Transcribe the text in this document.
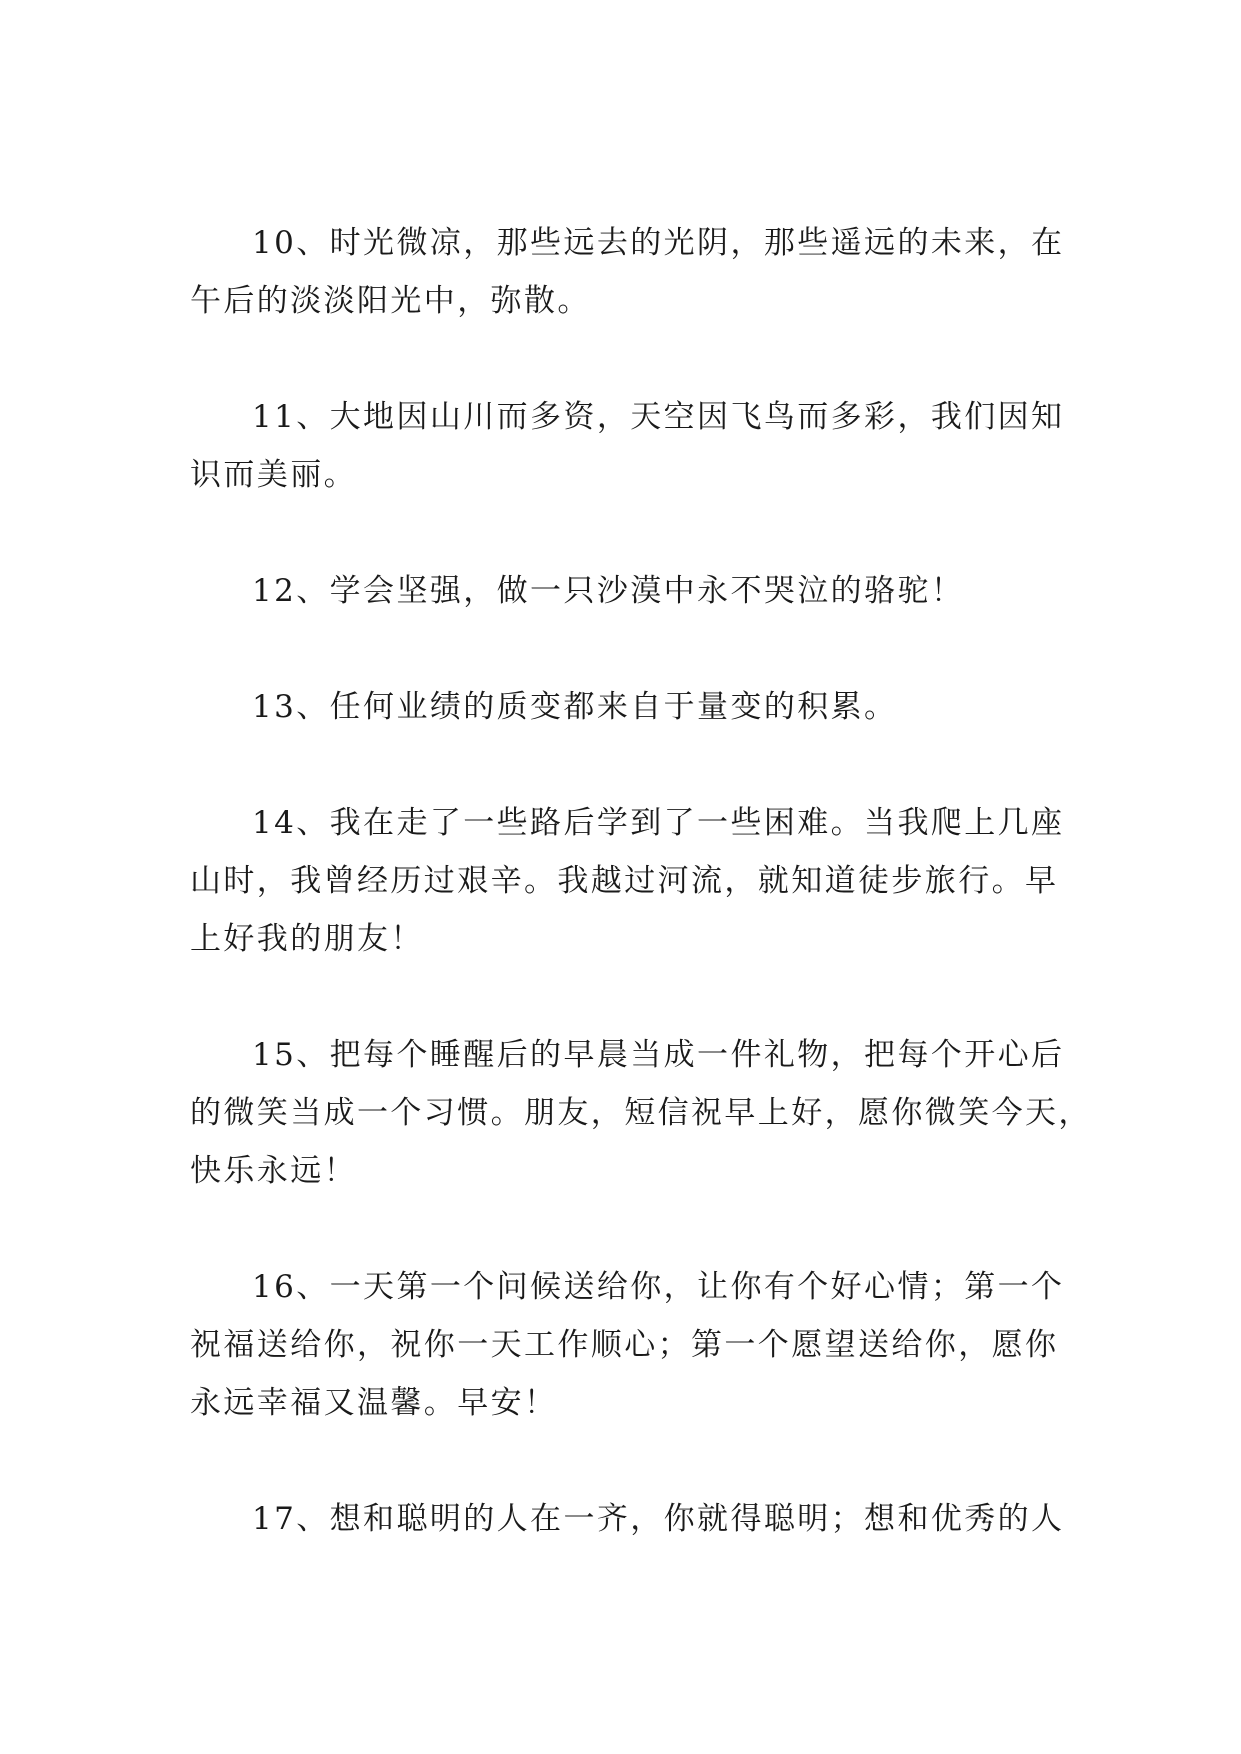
10、时光微凉，那些远去的光阴，那些遥远的未来，在
午后的淡淡阳光中，弥散。
11、大地因山川而多资，天空因飞鸟而多彩，我们因知
识而美丽。
12、学会坚强，做一只沙漠中永不哭泣的骆驼！
13、任何业绩的质变都来自于量变的积累。
14、我在走了一些路后学到了一些困难。当我爬上几座
山时，我曾经历过艰辛。我越过河流，就知道徒步旅行。早
上好我的朋友！
15、把每个睡醒后的早晨当成一件礼物，把每个开心后
的微笑当成一个习惯。朋友，短信祝早上好，愿你微笑今天，
快乐永远！
16、一天第一个问候送给你，让你有个好心情；第一个
祝福送给你，祝你一天工作顺心；第一个愿望送给你，愿你
永远幸福又温馨。早安！
17、想和聪明的人在一齐，你就得聪明；想和优秀的人
